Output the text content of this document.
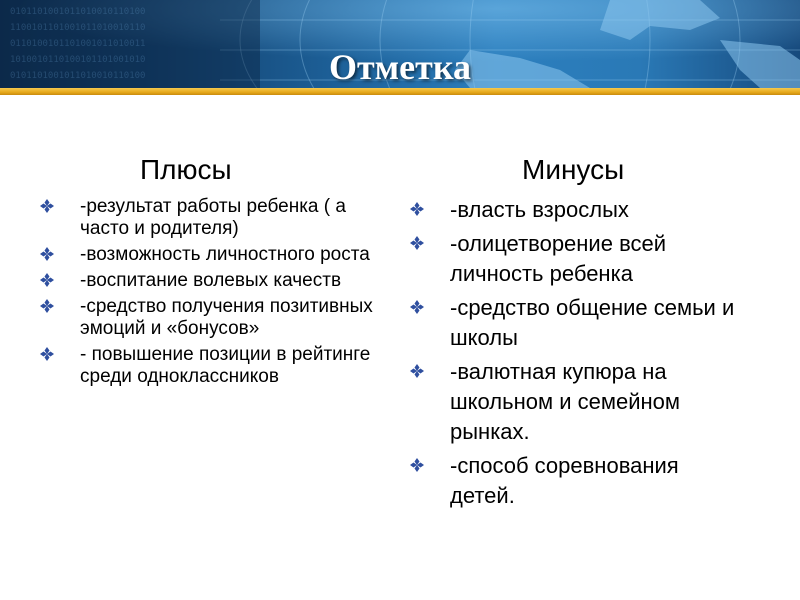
0101101001011010010110100
1100101101001011010010110
0110100101101001011010011
1010010110100101101001010
0101101001011010010110100	Отметка
Плюсы
-результат работы ребенка ( а часто и родителя)
-возможность личностного роста
-воспитание волевых качеств
-средство получения позитивных эмоций и «бонусов»
- повышение позиции в рейтинге среди одноклассников
Минусы
-власть взрослых
-олицетворение всей личность ребенка
-средство общение семьи и школы
-валютная купюра на школьном и семейном рынках.
-способ соревнования детей.
